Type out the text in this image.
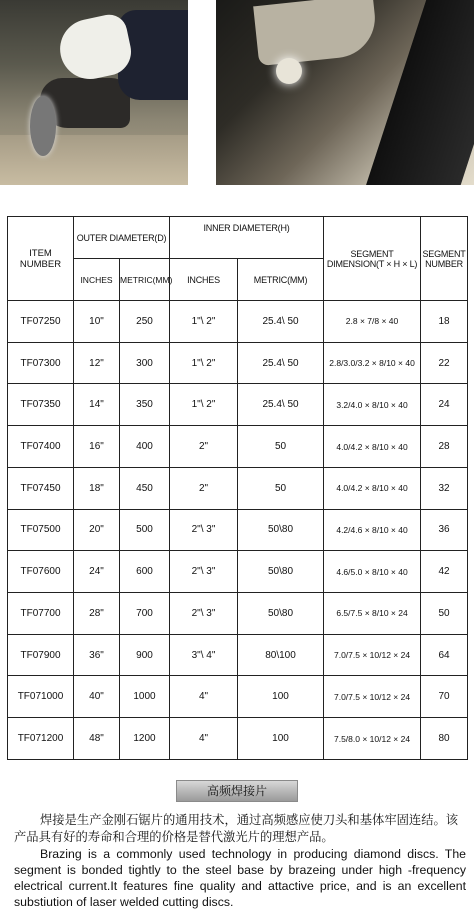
ITEM NUMBER	OUTER DIAMETER(D)		INNER DIAMETER(H)		SEGMENT DIMENSION(T × H × L)	SEGMENT NUMBER
	INCHES	METRIC(MM)	INCHES	METRIC(MM)		
TF07250	10"	250	1"\ 2"	25.4\ 50	2.8 × 7/8 × 40	18
TF07300	12"	300	1"\ 2"	25.4\ 50	2.8/3.0/3.2 × 8/10 × 40	22
TF07350	14"	350	1"\ 2"	25.4\ 50	3.2/4.0 × 8/10 × 40	24
TF07400	16"	400	2"	50	4.0/4.2 × 8/10 × 40	28
TF07450	18"	450	2"	50	4.0/4.2 × 8/10 × 40	32
TF07500	20"	500	2"\ 3"	50\80	4.2/4.6 × 8/10 × 40	36
TF07600	24"	600	2"\ 3"	50\80	4.6/5.0 × 8/10 × 40	42
TF07700	28"	700	2"\ 3"	50\80	6.5/7.5 × 8/10 × 24	50
TF07900	36"	900	3"\ 4"	80\100	7.0/7.5 × 10/12 × 24	64
TF071000	40"	1000	4"	100	7.0/7.5 × 10/12 × 24	70
TF071200	48"	1200	4"	100	7.5/8.0 × 10/12 × 24	80
高频焊接片
焊接是生产金刚石锯片的通用技术，通过高频感应使刀头和基体牢固连结。该产品具有好的寿命和合理的价格是替代激光片的理想产品。
Brazing is a commonly used technology in producing diamond discs. The segment is bonded tightly to the steel base by brazeing under high -frequency electrical current.It features fine quality and attactive price, and is an excellent substiution of laser welded cutting discs.
